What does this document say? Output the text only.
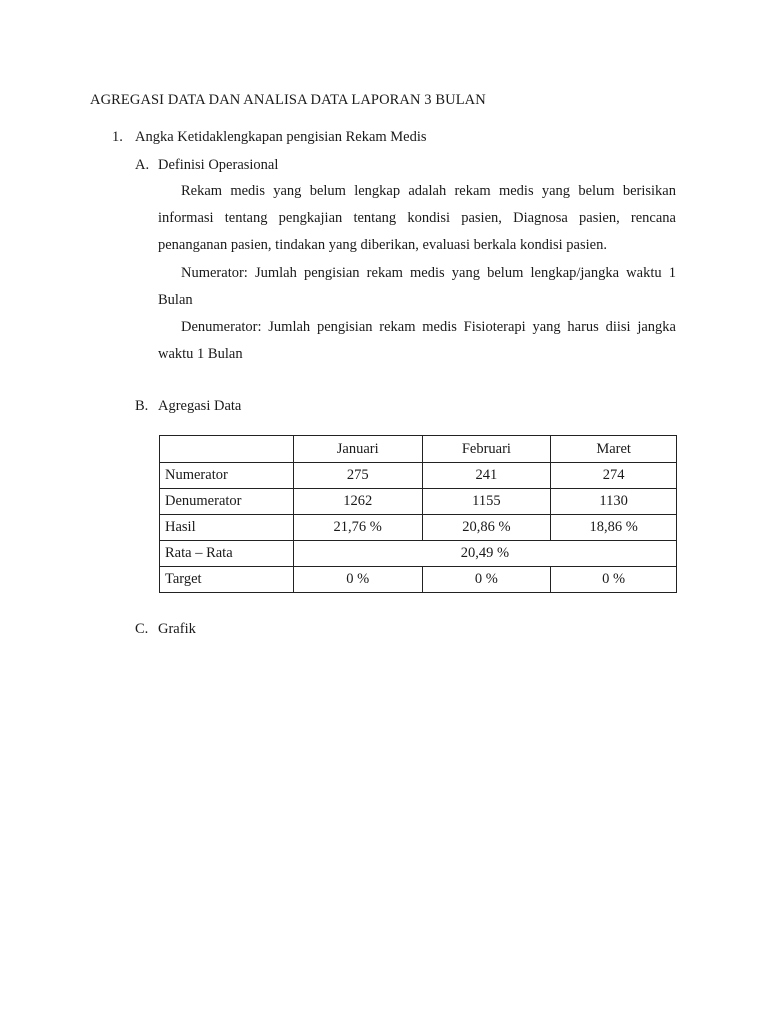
AGREGASI DATA DAN ANALISA DATA LAPORAN 3 BULAN
1. Angka Ketidaklengkapan pengisian Rekam Medis
A. Definisi Operasional
Rekam medis yang belum lengkap adalah rekam medis yang belum berisikan informasi tentang pengkajian tentang kondisi pasien, Diagnosa pasien, rencana penanganan pasien, tindakan yang diberikan, evaluasi berkala kondisi pasien.
Numerator: Jumlah pengisian rekam medis yang belum lengkap/jangka waktu 1 Bulan
Denumerator: Jumlah pengisian rekam medis Fisioterapi yang harus diisi jangka waktu 1 Bulan
B. Agregasi Data
	Januari	Februari	Maret
Numerator	275	241	274
Denumerator	1262	1155	1130
Hasil	21,76 %	20,86 %	18,86 %
Rata – Rata	20,49 %		
Target	0 %	0 %	0 %
C. Grafik
